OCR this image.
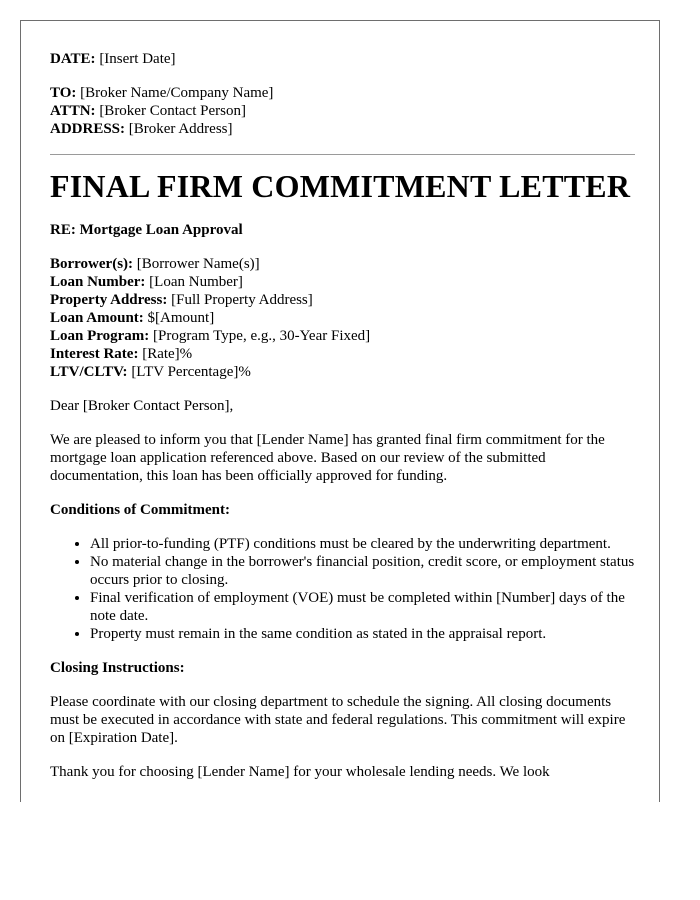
DATE: [Insert Date]

TO: [Broker Name/Company Name]

ATTN: [Broker Contact Person]

ADDRESS: [Broker Address]

FINAL FIRM COMMITMENT LETTER

RE: Mortgage Loan Approval

Borrower(s): [Borrower Name(s)]

Loan Number: [Loan Number]

Property Address: [Full Property Address]

Loan Amount: $[Amount]

Loan Program: [Program Type, e.g., 30-Year Fixed]

Interest Rate: [Rate]%

LTV/CLTV: [LTV Percentage]%

Dear [Broker Contact Person],

We are pleased to inform you that [Lender Name] has granted final firm commitment for the mortgage loan application referenced above. Based on our review of the submitted documentation, this loan has been officially approved for funding.

Conditions of Commitment:

• All prior-to-funding (PTF) conditions must be cleared by the underwriting department.
• No material change in the borrower's financial position, credit score, or employment status occurs prior to closing.
• Final verification of employment (VOE) must be completed within [Number] days of the note date.
• Property must remain in the same condition as stated in the appraisal report.

Closing Instructions:

Please coordinate with our closing department to schedule the signing. All closing documents must be executed in accordance with state and federal regulations. This commitment will expire on [Expiration Date].

Thank you for choosing [Lender Name] for your wholesale lending needs. We look
